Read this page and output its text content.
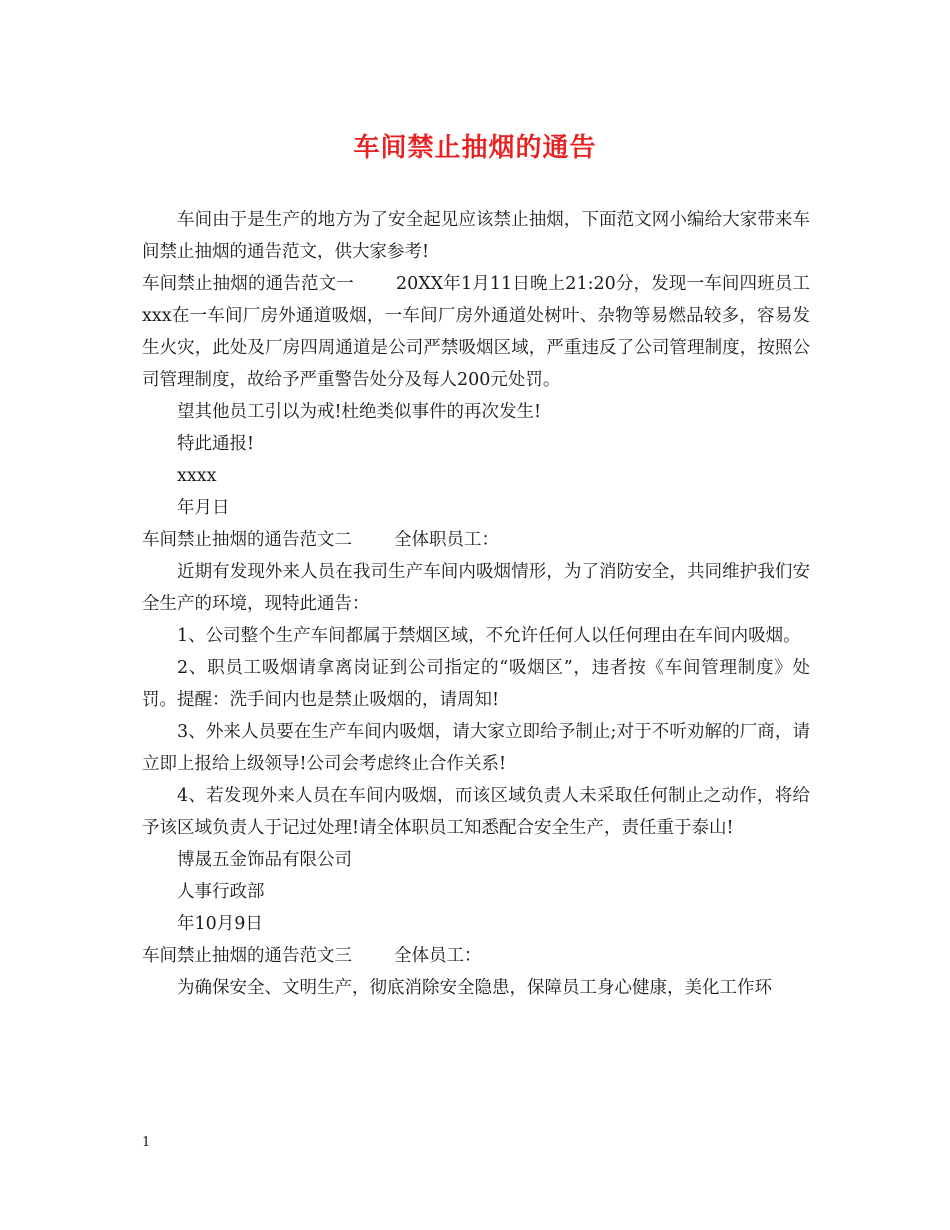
车间禁止抽烟的通告

车间由于是生产的地方为了安全起见应该禁止抽烟，下面范文网小编给大家带来车间禁止抽烟的通告范文，供大家参考!

车间禁止抽烟的通告范文一 20XX年1月11日晚上21:20分，发现一车间四班员工xxx在一车间厂房外通道吸烟，一车间厂房外通道处树叶、杂物等易燃品较多，容易发生火灾，此处及厂房四周通道是公司严禁吸烟区域，严重违反了公司管理制度，按照公司管理制度，故给予严重警告处分及每人200元处罚。

望其他员工引以为戒!杜绝类似事件的再次发生!

特此通报!

xxxx

年月日

车间禁止抽烟的通告范文二 全体职员工：

近期有发现外来人员在我司生产车间内吸烟情形，为了消防安全，共同维护我们安全生产的环境，现特此通告：

1、公司整个生产车间都属于禁烟区域，不允许任何人以任何理由在车间内吸烟。

2、职员工吸烟请拿离岗证到公司指定的“吸烟区”，违者按《车间管理制度》处罚。提醒：洗手间内也是禁止吸烟的，请周知!

3、外来人员要在生产车间内吸烟，请大家立即给予制止;对于不听劝解的厂商，请立即上报给上级领导!公司会考虑终止合作关系!

4、若发现外来人员在车间内吸烟，而该区域负责人未采取任何制止之动作，将给予该区域负责人于记过处理!请全体职员工知悉配合安全生产，责任重于泰山!

博晟五金饰品有限公司

人事行政部

年10月9日

车间禁止抽烟的通告范文三 全体员工：

为确保安全、文明生产，彻底消除安全隐患，保障员工身心健康，美化工作环

1
